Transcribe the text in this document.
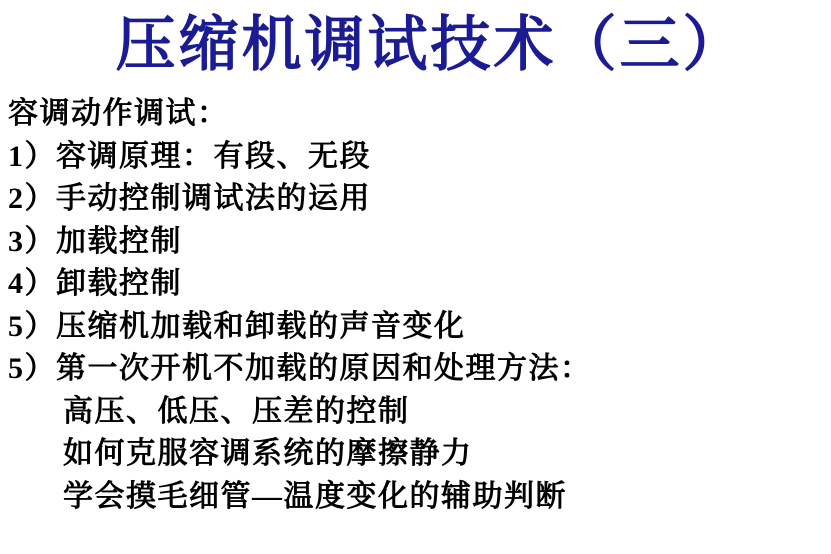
压缩机调试技术（三）
容调动作调试：
1）容调原理：有段、无段
2）手动控制调试法的运用
3）加载控制
4）卸载控制
5）压缩机加载和卸载的声音变化
5）第一次开机不加载的原因和处理方法：
高压、低压、压差的控制
如何克服容调系统的摩擦静力
学会摸毛细管—温度变化的辅助判断
